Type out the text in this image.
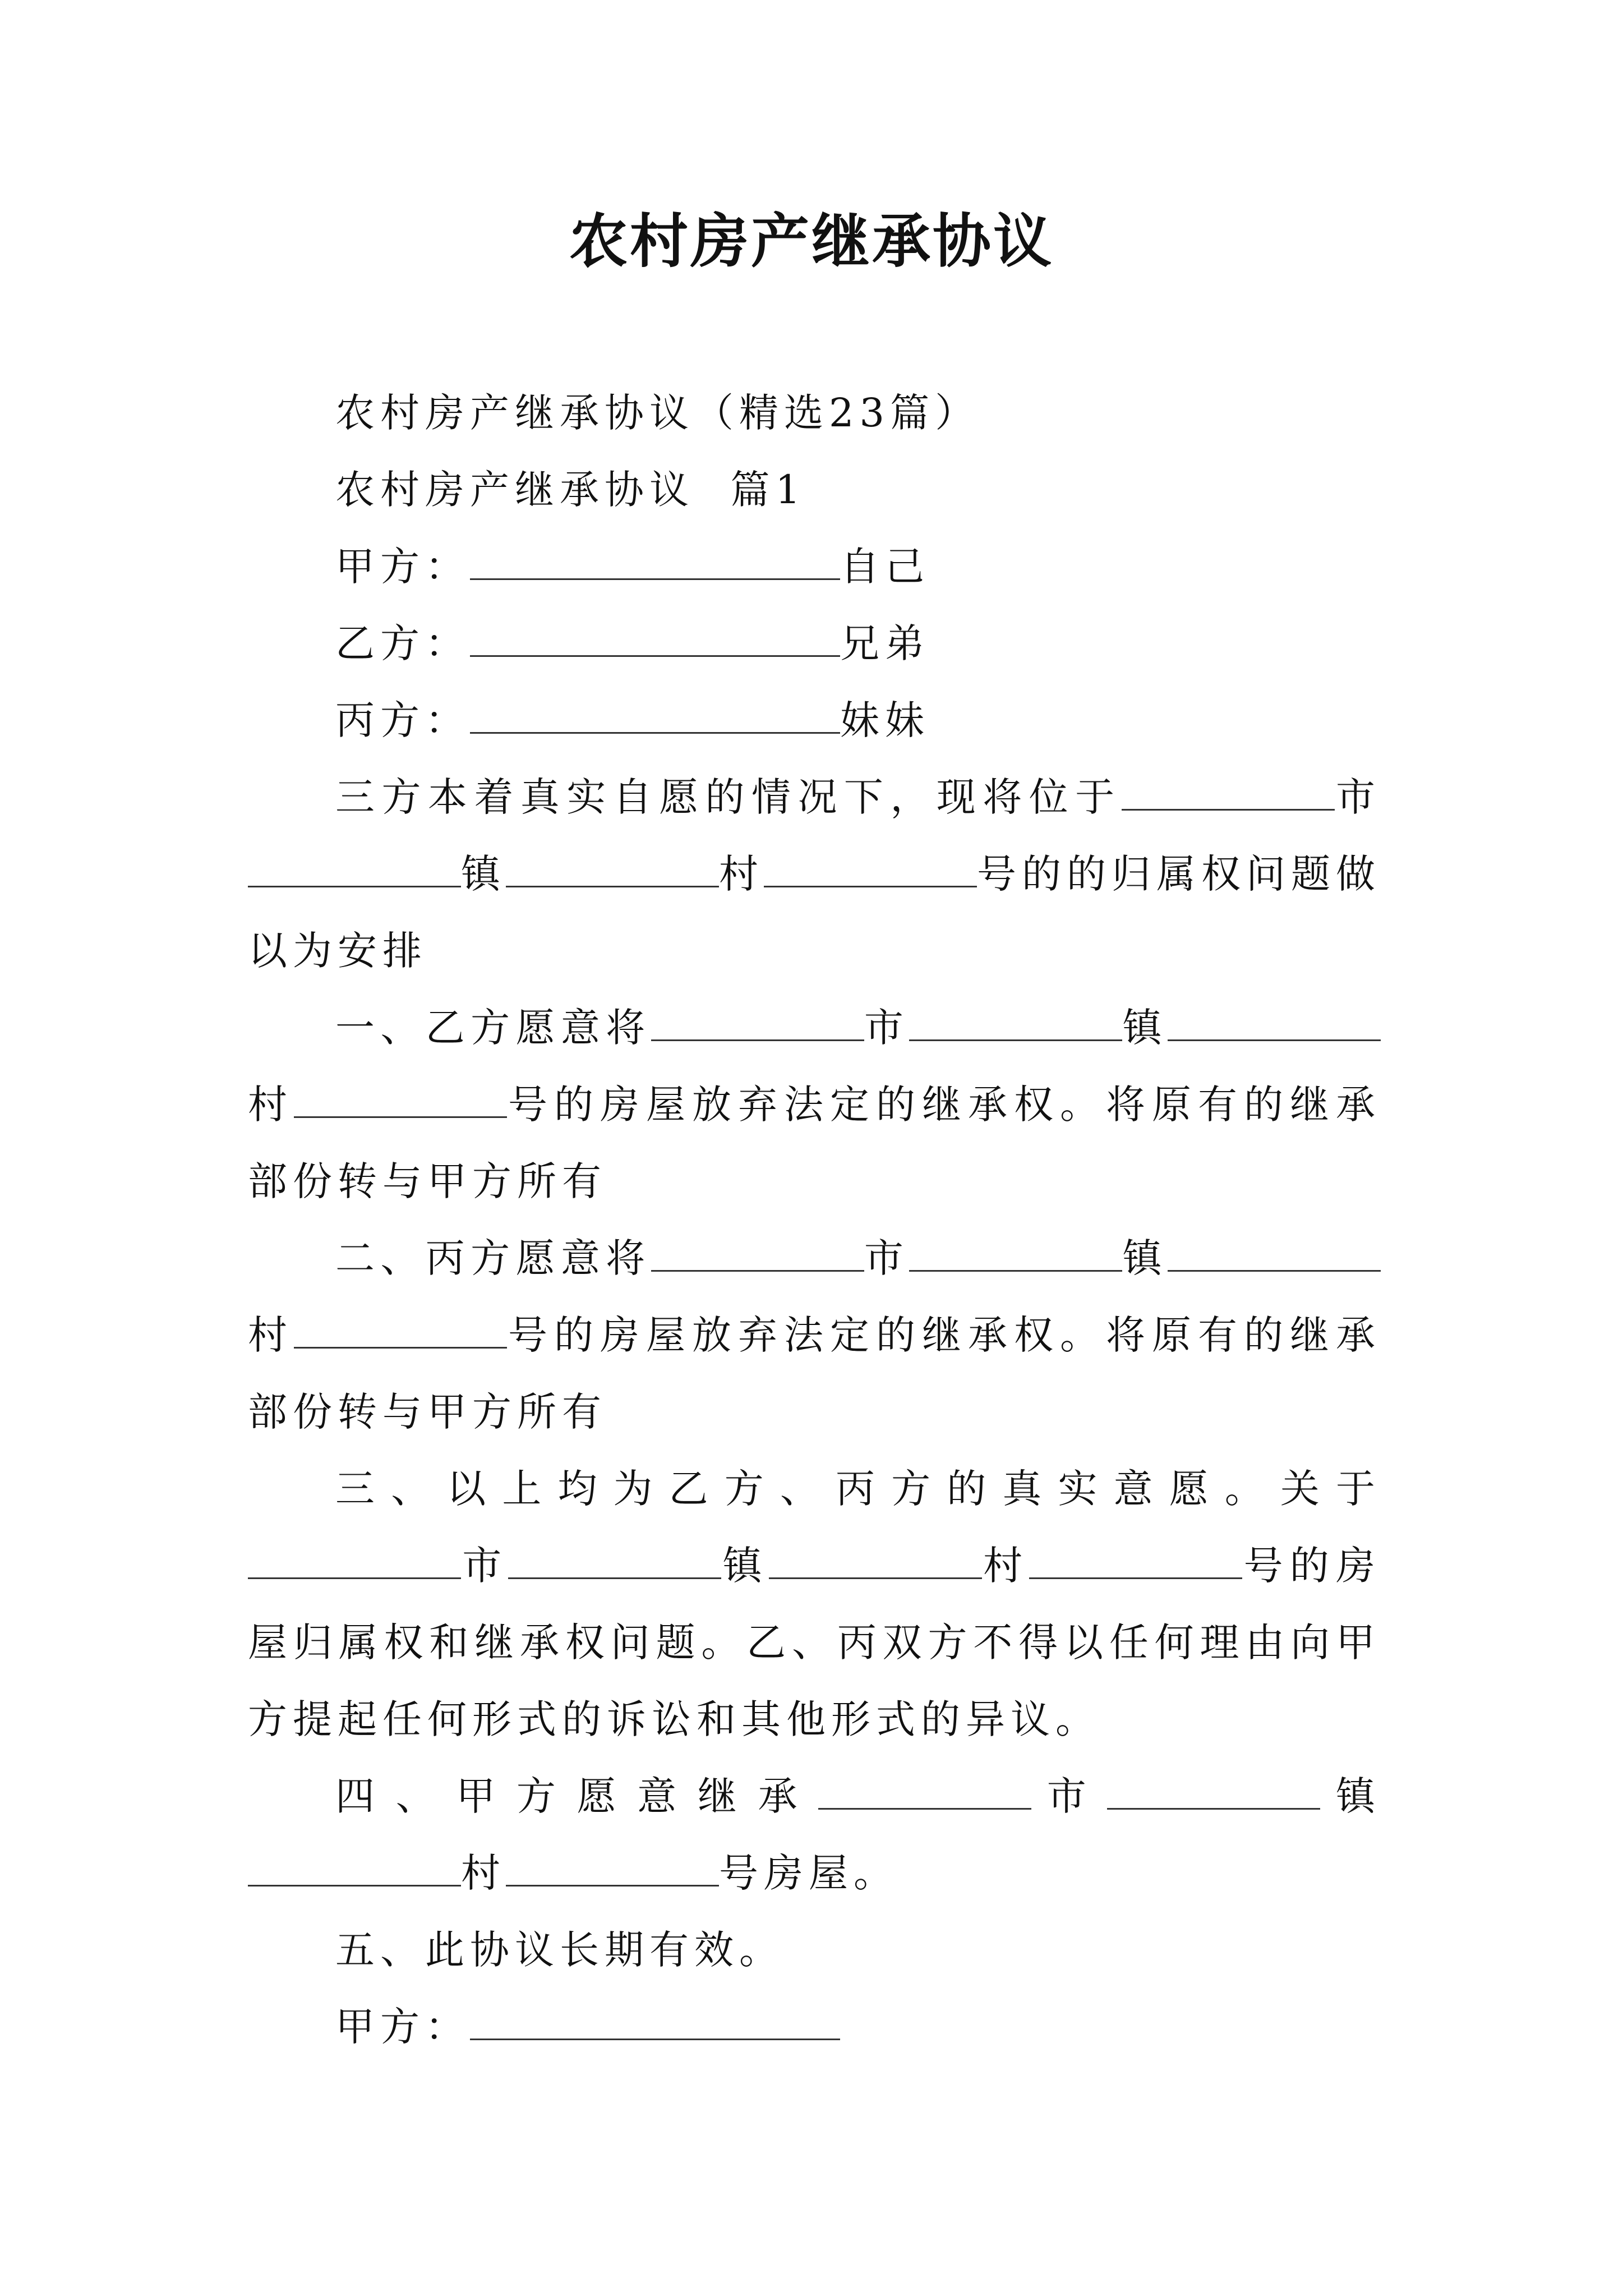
农村房产继承协议

农村房产继承协议（精选23篇）

农村房产继承协议  篇1

甲方：	自己

乙方：	兄弟

丙方：	妹妹

三方本着真实自愿的情况下，现将位于	市镇	村	号的的归属权问题做以为安排

一、乙方愿意将	市	镇村	号的房屋放弃法定的继承权。将原有的继承部份转与甲方所有

二、丙方愿意将	市	镇村	号的房屋放弃法定的继承权。将原有的继承部份转与甲方所有

三、以上均为乙方、丙方的真实意愿。关于市	镇	村	号的房屋归属权和继承权问题。乙、丙双方不得以任何理由向甲方提起任何形式的诉讼和其他形式的异议。

四、甲方愿意继承	市	镇村	号房屋。

五、此协议长期有效。

甲方：
